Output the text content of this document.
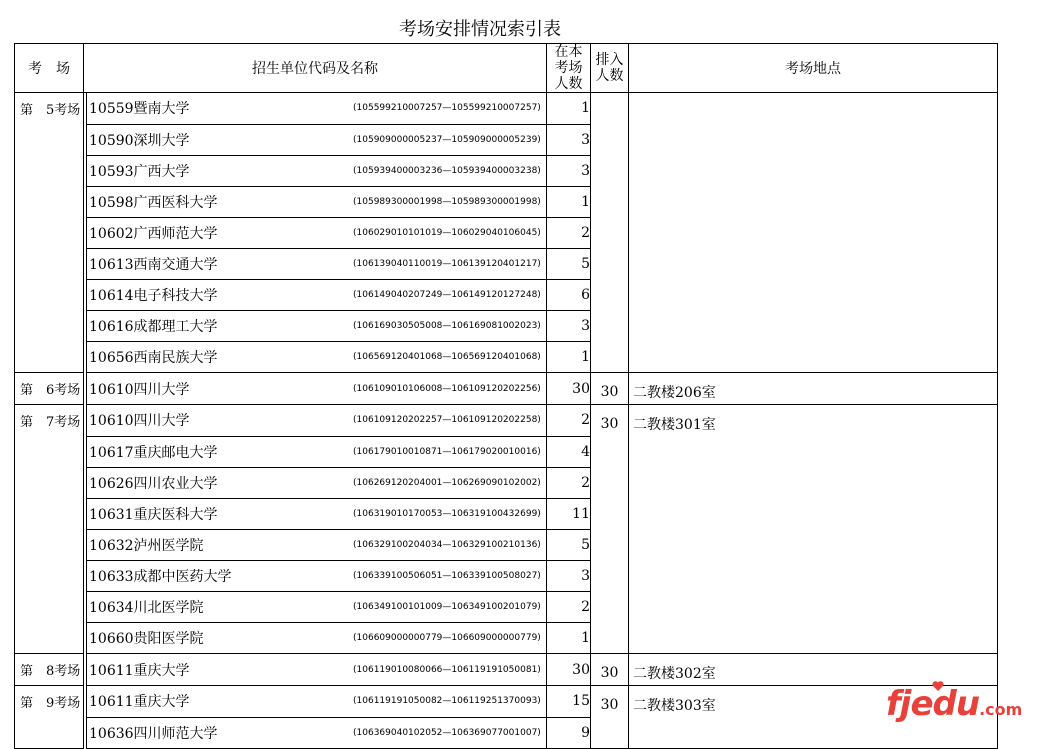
考场安排情况索引表
考　场	招生单位代码及名称		在本考场人数	排入人数	考场地点

第　5考场		10559暨南大学 (105599210007257—105599210007257)	1	

		10590深圳大学 (105909000005237—105909000005239)	3		

		10593广西大学 (105939400003236—105939400003238)	3		

		10598广西医科大学 (105989300001998—105989300001998)	1		

		10602广西师范大学 (106029010101019—106029040106045)	2		

		10613西南交通大学 (106139040110019—106139120401217)	5		

		10614电子科技大学 (106149040207249—106149120127248)	6		

		10616成都理工大学 (106169030505008—106169081002023)	3		

		10656西南民族大学 (106569120401068—106569120401068)	1		

第　6考场		10610四川大学 (106109010106008—106109120202256)	30	30	二教楼206室

第　7考场		10610四川大学 (106109120202257—106109120202258)	2	30	二教楼301室

		10617重庆邮电大学 (106179010010871—106179020010016)	4		

		10626四川农业大学 (106269120204001—106269090102002)	2		

		10631重庆医科大学 (106319010170053—106319100432699)	11		

		10632泸州医学院 (106329100204034—106329100210136)	5		

		10633成都中医药大学 (106339100506051—106339100508027)	3		

		10634川北医学院 (106349100101009—106349100201079)	2		

		10660贵阳医学院 (106609000000779—106609000000779)	1		

第　8考场		10611重庆大学 (106119010080066—106119191050081)	30	30	二教楼302室

第　9考场		10611重庆大学 (106119191050082—106119251370093)	15	30	二教楼303室

		10636四川师范大学 (106369040102052—106369077001007)	9		
fjedu.com
